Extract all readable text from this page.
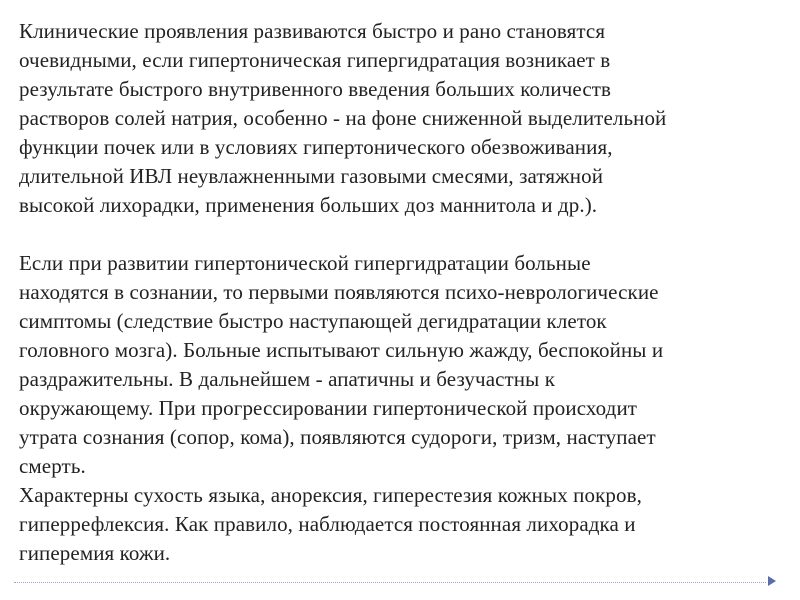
Клинические проявления развиваются быстро и рано становятся
очевидными, если гипертоническая гипергидратация возникает в
результате быстрого внутривенного введения больших количеств
растворов солей натрия, особенно - на фоне сниженной выделительной
функции почек или в условиях гипертонического обезвоживания,
длительной ИВЛ неувлажненными газовыми смесями, затяжной
высокой лихорадки, применения больших доз маннитола и др.).

Если при развитии гипертонической гипергидратации больные
находятся в сознании, то первыми появляются психо-неврологические
симптомы (следствие быстро наступающей дегидратации клеток
головного мозга). Больные испытывают сильную жажду, беспокойны и
раздражительны. В дальнейшем - апатичны и безучастны к
окружающему. При прогрессировании гипертонической происходит
утрата сознания (сопор, кома), появляются судороги, тризм, наступает
смерть.

Характерны сухость языка, анорексия, гиперестезия кожных покров,
гиперрефлексия. Как правило, наблюдается постоянная лихорадка и
гиперемия кожи.
